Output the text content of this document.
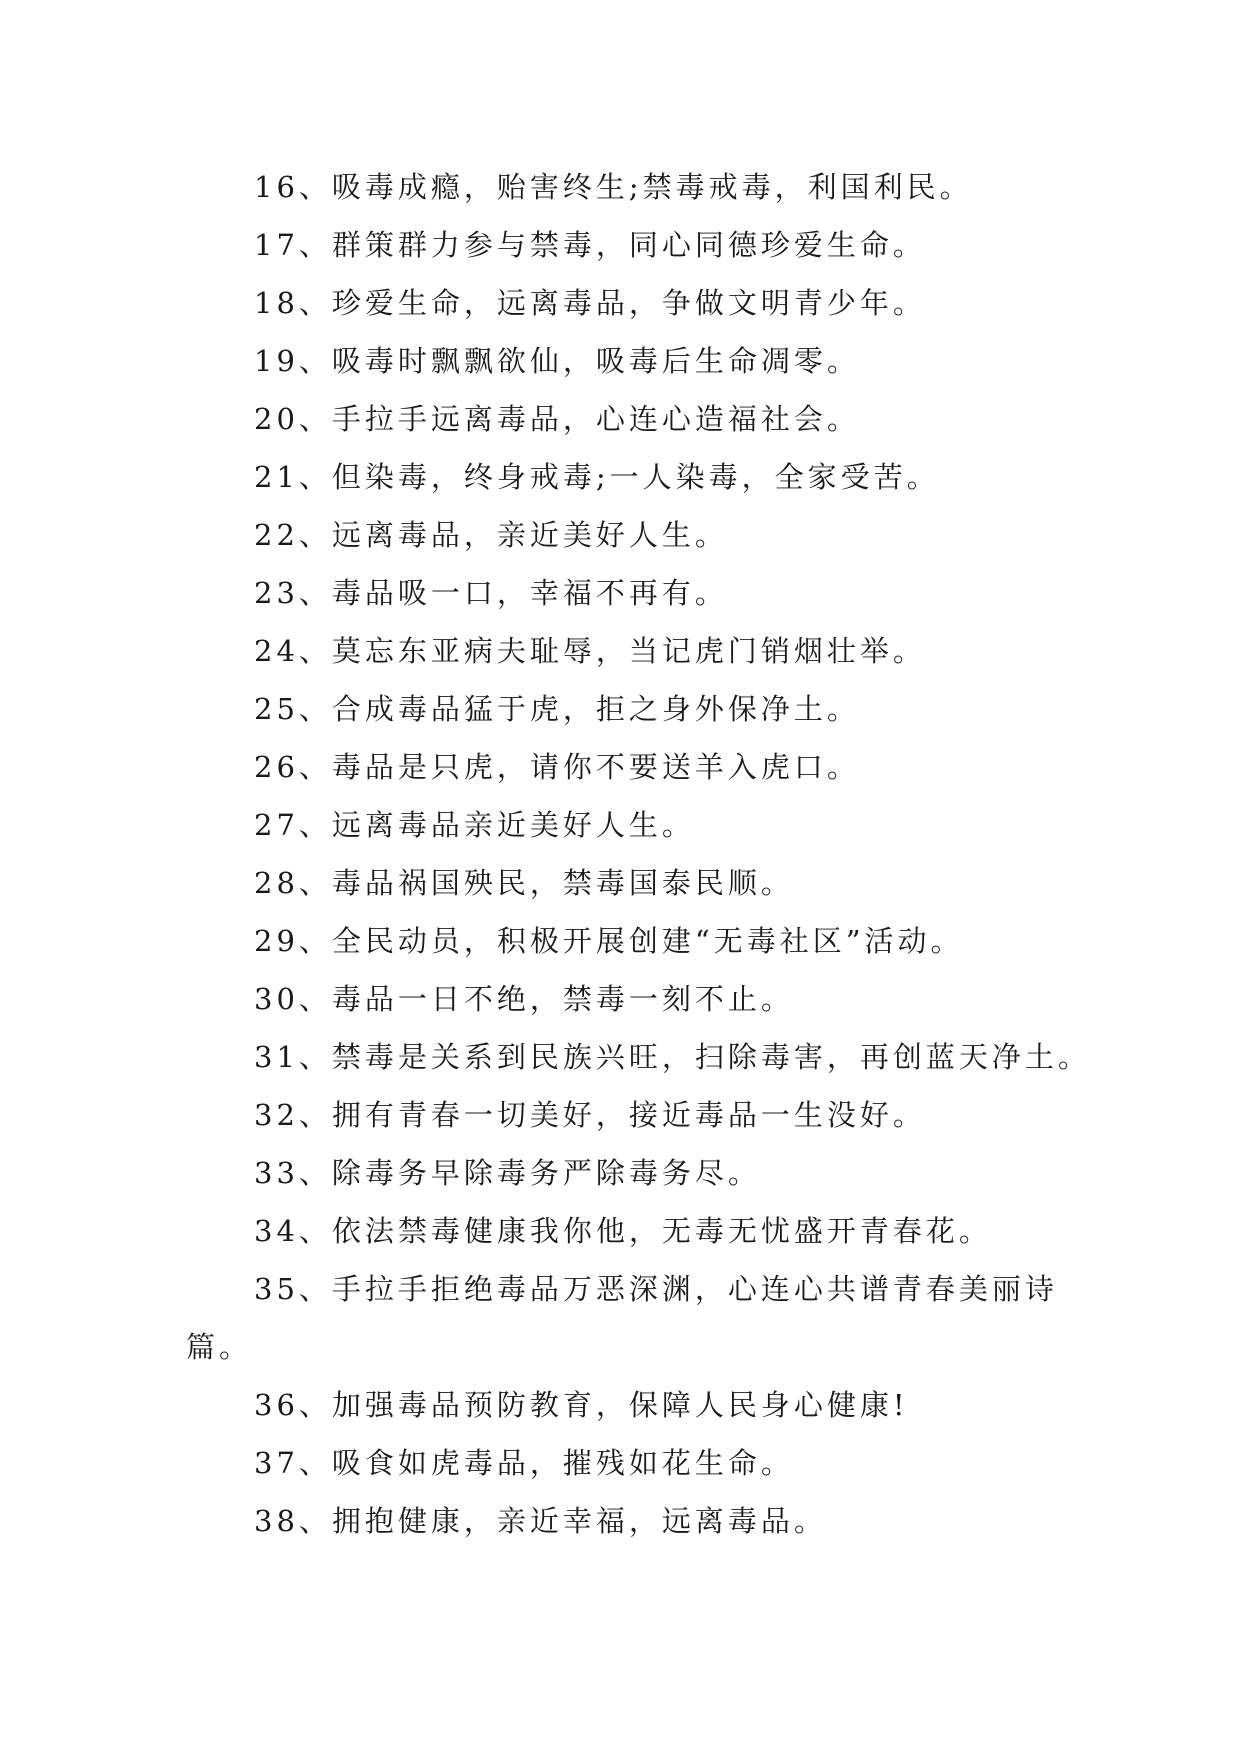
16、吸毒成瘾，贻害终生;禁毒戒毒，利国利民。

17、群策群力参与禁毒，同心同德珍爱生命。

18、珍爱生命，远离毒品，争做文明青少年。

19、吸毒时飘飘欲仙，吸毒后生命凋零。

20、手拉手远离毒品，心连心造福社会。

21、但染毒，终身戒毒;一人染毒，全家受苦。

22、远离毒品，亲近美好人生。

23、毒品吸一口，幸福不再有。

24、莫忘东亚病夫耻辱，当记虎门销烟壮举。

25、合成毒品猛于虎，拒之身外保净土。

26、毒品是只虎，请你不要送羊入虎口。

27、远离毒品亲近美好人生。

28、毒品祸国殃民，禁毒国泰民顺。

29、全民动员，积极开展创建“无毒社区”活动。

30、毒品一日不绝，禁毒一刻不止。

31、禁毒是关系到民族兴旺，扫除毒害，再创蓝天净土。

32、拥有青春一切美好，接近毒品一生没好。

33、除毒务早除毒务严除毒务尽。

34、依法禁毒健康我你他，无毒无忧盛开青春花。

35、手拉手拒绝毒品万恶深渊，心连心共谱青春美丽诗篇。

36、加强毒品预防教育，保障人民身心健康!

37、吸食如虎毒品，摧残如花生命。

38、拥抱健康，亲近幸福，远离毒品。
